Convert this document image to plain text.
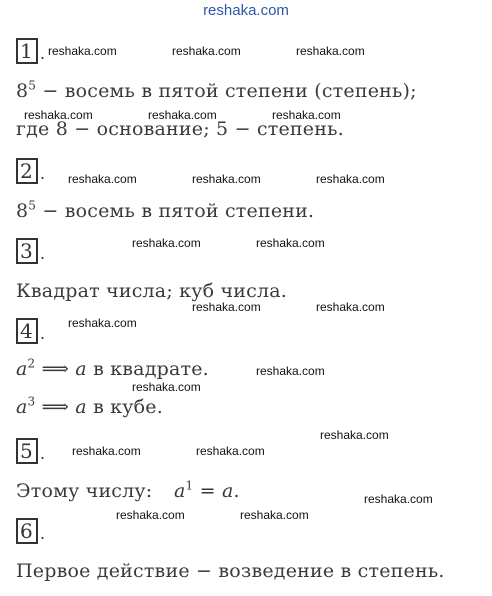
reshaka.com
1 .
$8^5$ − восемь в пятой степени (степень);
где 8 − основание; 5 − степень.
2 .
$8^5$ − восемь в пятой степени.
3 .
Квадрат числа; куб числа.
4 .
$a^2$ ⟹ a в квадрате.
$a^3$ ⟹ a в кубе.
5 .
Этому числу: $a^1 = a$.
6 .
Первое действие − возведение в степень.
reshaka.com	reshaka.com	reshaka.com
reshaka.com	reshaka.com	reshaka.com
reshaka.com	reshaka.com	reshaka.com
reshaka.com	reshaka.com
reshaka.com	reshaka.com
reshaka.com
reshaka.com
reshaka.com
reshaka.com
reshaka.com	reshaka.com
reshaka.com
reshaka.com	reshaka.com
